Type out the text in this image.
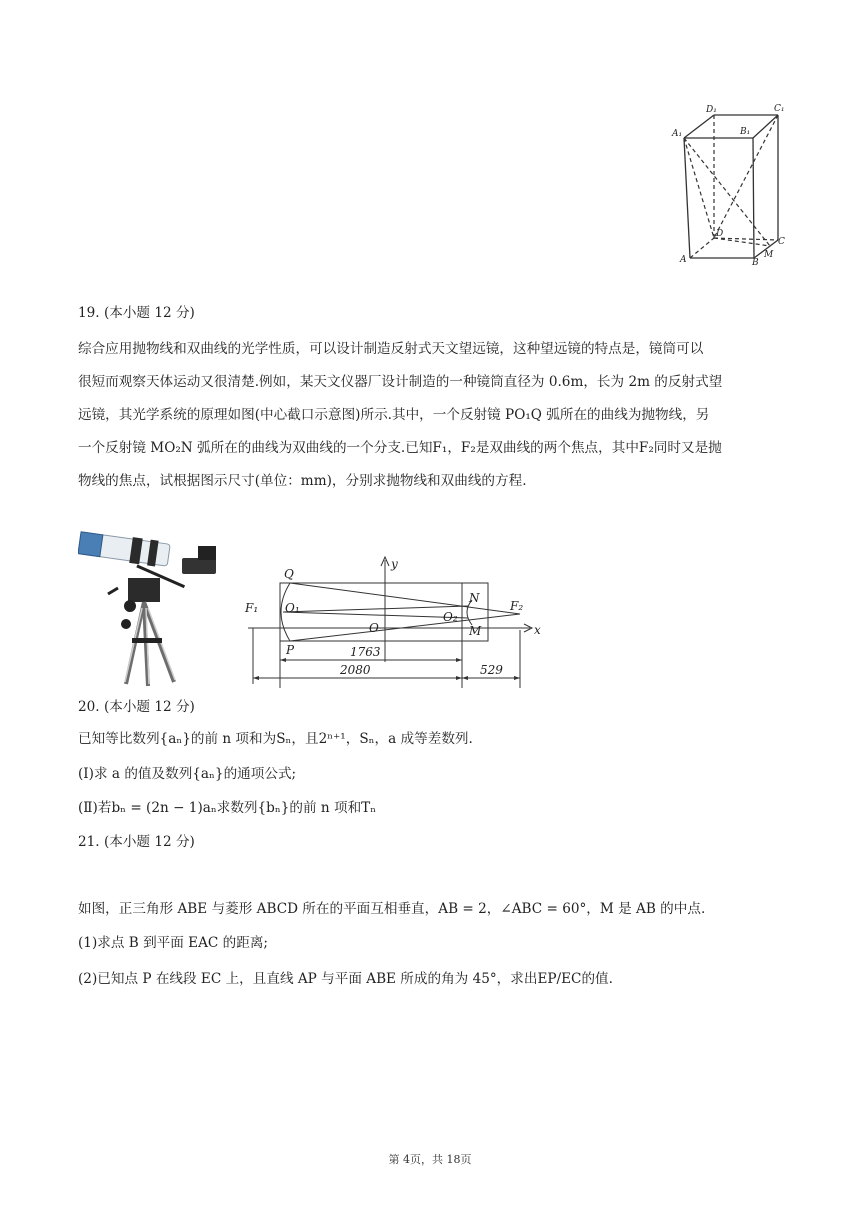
D₁	C₁
A₁	B₁
D
C
M
A	B
19. (本小题 12 分)
综合应用抛物线和双曲线的光学性质，可以设计制造反射式天文望远镜，这种望远镜的特点是，镜筒可以
很短而观察天体运动又很清楚.例如，某天文仪器厂设计制造的一种镜筒直径为 0.6m，长为 2m 的反射式望
远镜，其光学系统的原理如图(中心截口示意图)所示.其中，一个反射镜 PO₁Q 弧所在的曲线为抛物线，另
一个反射镜 MO₂N 弧所在的曲线为双曲线的一个分支.已知F₁，F₂是双曲线的两个焦点，其中F₂同时又是抛
物线的焦点，试根据图示尺寸(单位：mm)，分别求抛物线和双曲线的方程.
y
x
Q
F₁ O₁
O
O₂
N
M
F₂
P	1763
2080	529
20. (本小题 12 分)
已知等比数列{aₙ}的前 n 项和为Sₙ，且2ⁿ⁺¹，Sₙ，a 成等差数列.
(Ⅰ)求 a 的值及数列{aₙ}的通项公式;
(Ⅱ)若bₙ = (2n − 1)aₙ求数列{bₙ}的前 n 项和Tₙ
21. (本小题 12 分)
如图，正三角形 ABE 与菱形 ABCD 所在的平面互相垂直，AB = 2，∠ABC = 60°，M 是 AB 的中点.
(1)求点 B 到平面 EAC 的距离;
(2)已知点 P 在线段 EC 上，且直线 AP 与平面 ABE 所成的角为 45°，求出EP/EC的值.
第 4页，共 18页
